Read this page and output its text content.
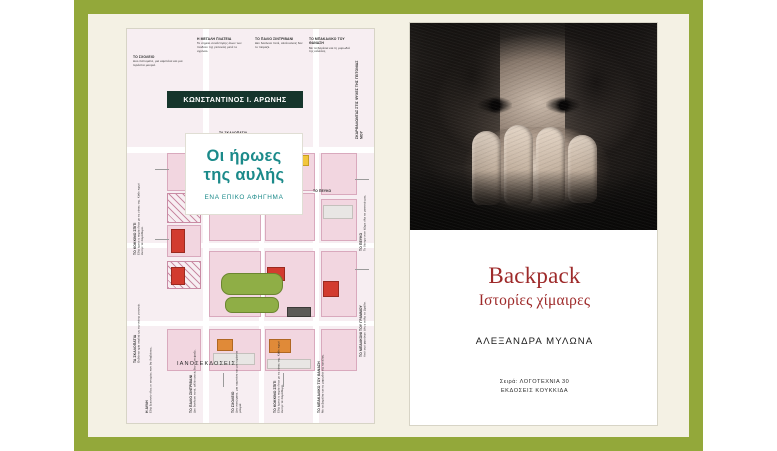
ΤΟ ΣΧΟΛΕΙΟ
Δυο πατώματα, μια καμπάνα και μια τεράστια μουριά.
Η ΜΕΓΑΛΗ ΠΛΑΤΕΙΑ
Το σημείο συνάντησης όλων των παιδιών της γειτονιάς μετά το σχολείο.
ΤΟ ΠΑΛΙΟ ΣΙΝΤΡΙΒΑΝΙ
Δεν δούλευε ποτέ, αλλά κανείς δεν το πείραζε.
ΤΟ ΜΠΑΚΑΛΙΚΟ ΤΟΥ ΘΑΝΑΣΗ
Με τα βαρέλια και τη μυρωδιά της κανέλας.
ΣΚΑΡΦΑΛΩΝΤΑΣ ΣΤΙΣ ΨΥΧΕΣ ΤΗΣ ΓΕΙΤΟΝΙΑΣ ΜΟΥ
ΤΟ ΚΟΚΚΙΝΟ ΣΠΙΤΙ Εδώ έμενε η κυρία Λένα με τις γάτες της. Κάθε πρωί άνοιγε τα παράθυρα.
ΤΑ ΣΚΑΛΟΠΑΤΙΑ Ογδόντα τρία σκαλιά ως την πάνω γειτονιά.
ΤΟ ΠΕΥΚΟ Το δέντρο που ήξερε όλα τα μυστικά μας.
ΤΟ ΜΠΑΛΚΟΝΙ ΤΟΥ ΓΡΑΜΜΟΥ Από εκεί φαινόταν όλη η πόλη το βράδυ.
Η ΑΥΛΗ Εδώ ξεκινούν όλες οι ιστορίες που θα διαβάσεις.	ΤΟ ΠΑΛΙΟ ΣΙΝΤΡΙΒΑΝΙ Δεν δούλευε ποτέ, αλλά κανείς δεν το πείραζε.	ΤΟ ΣΧΟΛΕΙΟ Δυο πατώματα, μια καμπάνα και μια τεράστια μουριά.	ΤΟ ΚΟΚΚΙΝΟ ΣΠΙΤΙ Εδώ έμενε η κυρία Λένα με τις γάτες της. Κάθε πρωί άνοιγε τα παράθυρα.	ΤΟ ΜΠΑΚΑΛΙΚΟ ΤΟΥ ΘΑΝΑΣΗ Με τα βαρέλια και τη μυρωδιά της κανέλας.
ΤΟ ΠΕΥΚΟ
ΚΩΝΣΤΑΝΤΙΝΟΣ Ι. ΑΡΩΝΗΣ
Οι ήρωες
της αυλής
ΕΝΑ ΕΠΙΚΟ ΑΦΗΓΗΜΑ
ΙΑΝΟΣΕΚΔΟΣΕΙΣ
Backpack
Ιστορίες χίμαιρες
ΑΛΕΞΑΝΔΡΑ ΜΥΛΩΝΑ
Σειρά: ΛΟΓΟΤΕΧΝΙΑ 30
ΕΚΔΟΣΕΙΣ ΚΟΥΚΚΙΔΑ
